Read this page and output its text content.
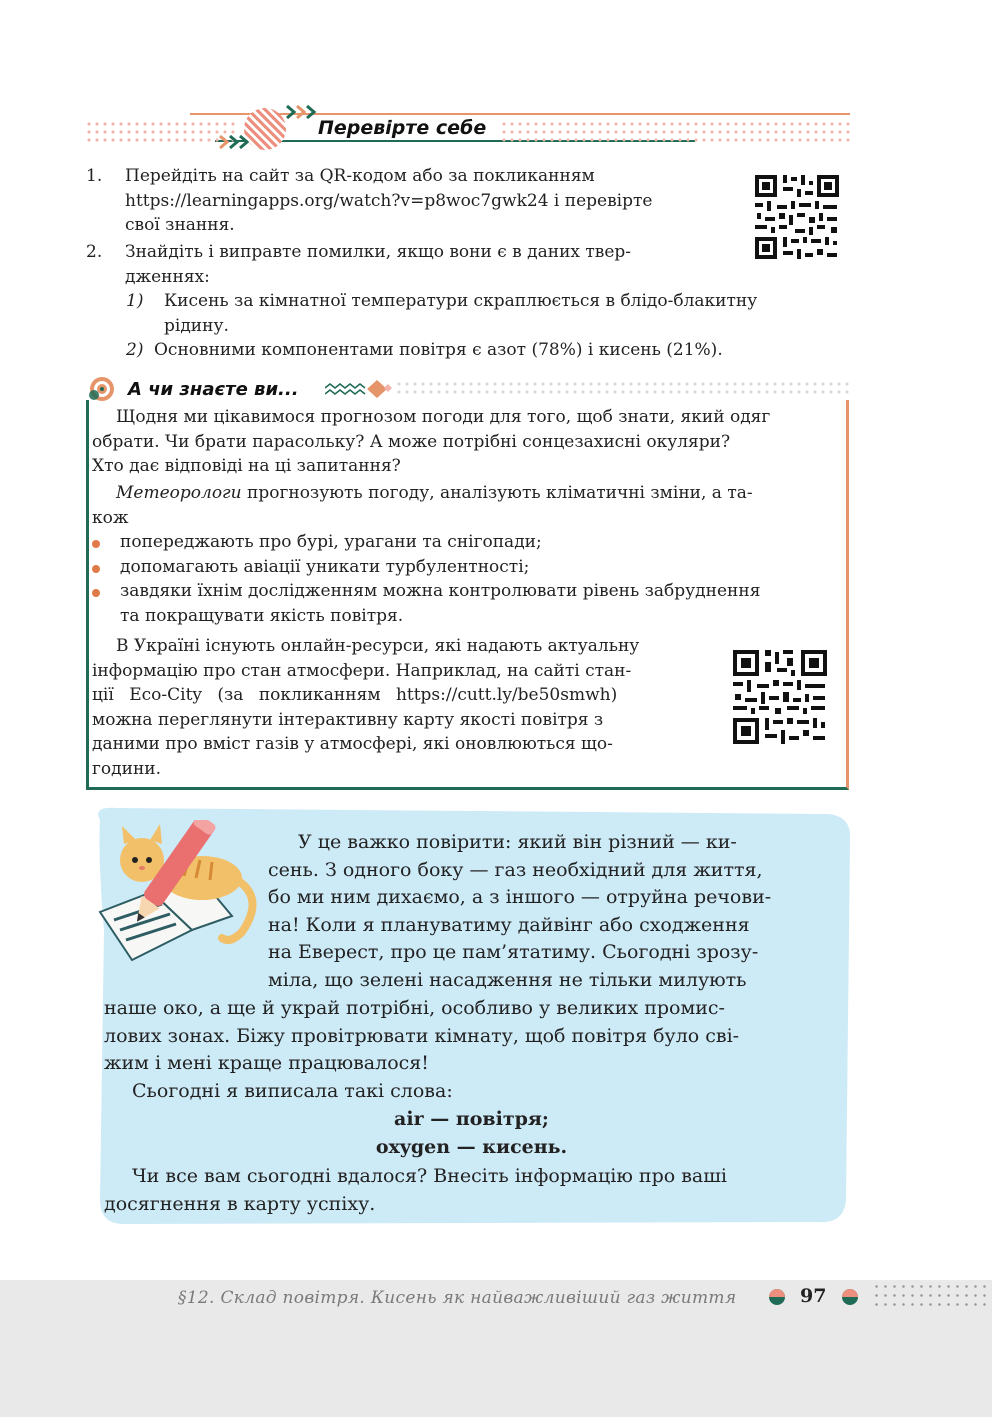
Перевірте себе
1. Перейдіть на сайт за QR-кодом або за покликанням
https://learningapps.org/watch?v=p8woc7gwk24 і перевірте
свої знання.
2. Знайдіть і виправте помилки, якщо вони є в даних твер-
дженнях:
1) Кисень за кімнатної температури скраплюється в блідо-блакитну
рідину.
2) Основними компонентами повітря є азот (78%) і кисень (21%).
А чи знаєте ви...
Щодня ми цікавимося прогнозом погоди для того, щоб знати, який одяг
обрати. Чи брати парасольку? А може потрібні сонцезахисні окуляри?
Хто дає відповіді на ці запитання?
Метеорологи прогнозують погоду, аналізують кліматичні зміни, а та-
кож
попереджають про бурі, урагани та снігопади;
допомагають авіації уникати турбулентності;
завдяки їхнім дослідженням можна контролювати рівень забруднення
та покращувати якість повітря.
В Україні існують онлайн-ресурси, які надають актуальну
інформацію про стан атмосфери. Наприклад, на сайті стан-
ції Eco-City (за покликанням https://cutt.ly/be50smwh)
можна переглянути інтерактивну карту якості повітря з
даними про вміст газів у атмосфері, які оновлюються що-
години.
У це важко повірити: який він різний — ки-
сень. З одного боку — газ необхідний для життя,
бо ми ним дихаємо, а з іншого — отруйна речови-
на! Коли я плануватиму дайвінг або сходження
на Еверест, про це пам’ятатиму. Сьогодні зрозу-
міла, що зелені насадження не тільки милують
наше око, а ще й украй потрібні, особливо у великих промис-
лових зонах. Біжу провітрювати кімнату, щоб повітря було сві-
жим і мені краще працювалося!
Сьогодні я виписала такі слова:
air — повітря;
oxygen — кисень.
Чи все вам сьогодні вдалося? Внесіть інформацію про ваші
досягнення в карту успіху.
§12. Склад повітря. Кисень як найважливіший газ життя	97
